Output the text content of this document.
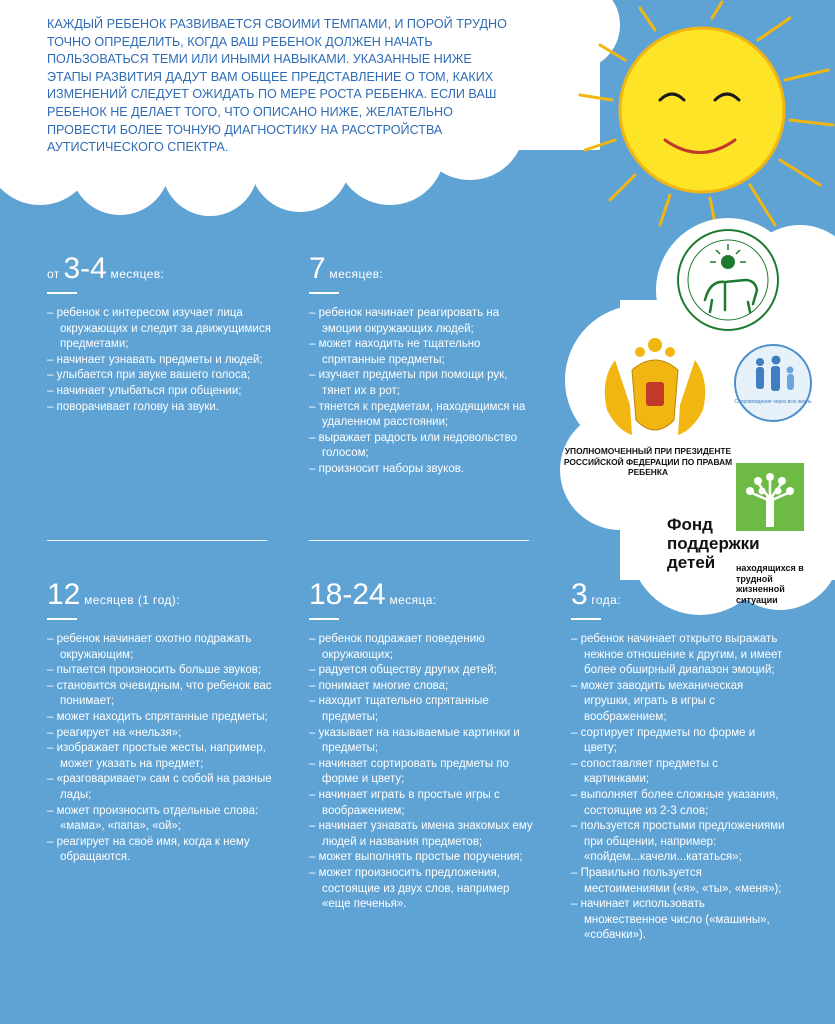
Сопровождение через всю жизнь

КАЖДЫЙ РЕБЕНОК РАЗВИВАЕТСЯ СВОИМИ ТЕМПАМИ, И ПОРОЙ ТРУДНО ТОЧНО ОПРЕДЕЛИТЬ, КОГДА ВАШ РЕБЕНОК ДОЛЖЕН НАЧАТЬ ПОЛЬЗОВАТЬСЯ ТЕМИ ИЛИ ИНЫМИ НАВЫКАМИ. УКАЗАННЫЕ НИЖЕ ЭТАПЫ РАЗВИТИЯ ДАДУТ ВАМ ОБЩЕЕ ПРЕДСТАВЛЕНИЕ О ТОМ, КАКИХ ИЗМЕНЕНИЙ СЛЕДУЕТ ОЖИДАТЬ ПО МЕРЕ РОСТА РЕБЕНКА. ЕСЛИ ВАШ РЕБЕНОК НЕ ДЕЛАЕТ ТОГО, ЧТО ОПИСАНО НИЖЕ, ЖЕЛАТЕЛЬНО ПРОВЕСТИ БОЛЕЕ ТОЧНУЮ ДИАГНОСТИКУ НА РАССТРОЙСТВА АУТИСТИЧЕСКОГО СПЕКТРА.

от 3-4 месяцев:
– ребенок с интересом изучает лица окружающих и следит за движущимися предметами;
– начинает узнавать предметы и людей;
– улыбается при звуке вашего голоса;
– начинает улыбаться при общении;
– поворачивает голову на звуки.
7 месяцев:
– ребенок начинает реагировать на эмоции окружающих людей;
– может находить не тщательно спрятанные предметы;
– изучает предметы при помощи рук, тянет их в рот;
– тянется к предметам, находящимся на удаленном расстоянии;
– выражает радость или недовольство голосом;
– произносит наборы звуков.
12 месяцев (1 год):
– ребенок начинает охотно подражать окружающим;
– пытается произносить больше звуков;
– становится очевидным, что ребенок вас понимает;
– может находить спрятанные предметы;
– реагирует на «нельзя»;
– изображает простые жесты, например, может указать на предмет;
– «разговаривает» сам с собой на разные лады;
– может произносить отдельные слова: «мама», «папа», «ой»;
– реагирует на своё имя, когда к нему обращаются.
18-24 месяца:
– ребенок подражает поведению окружающих;
– радуется обществу других детей;
– понимает многие слова;
– находит тщательно спрятанные предметы;
– указывает на называемые картинки и предметы;
– начинает сортировать предметы по форме и цвету;
– начинает играть в простые игры с воображением;
– начинает узнавать имена знакомых ему людей и названия предметов;
– может выполнять простые поручения;
– может произносить предложения, состоящие из двух слов, например «еще печенья».
3 года:
– ребенок начинает открыто выражать нежное отношение к другим, и имеет более обширный диапазон эмоций;
– может заводить механическая игрушки, играть в игры с воображением;
– сортирует предметы по форме и цвету;
– сопоставляет предметы с картинками;
– выполняет более сложные указания, состоящие из 2-3 слов;
– пользуется простыми предложениями при общении, например: «пойдем...качели...кататься»;
– Правильно пользуется местоимениями («я», «ты», «меня»);
– начинает использовать множественное число («машины», «собачки»).

УПОЛНОМОЧЕННЫЙ ПРИ ПРЕЗИДЕНТЕ РОССИЙСКОЙ ФЕДЕРАЦИИ ПО ПРАВАМ РЕБЕНКА

Фонд
поддержки
детей	находящихся в трудной жизненной ситуации
